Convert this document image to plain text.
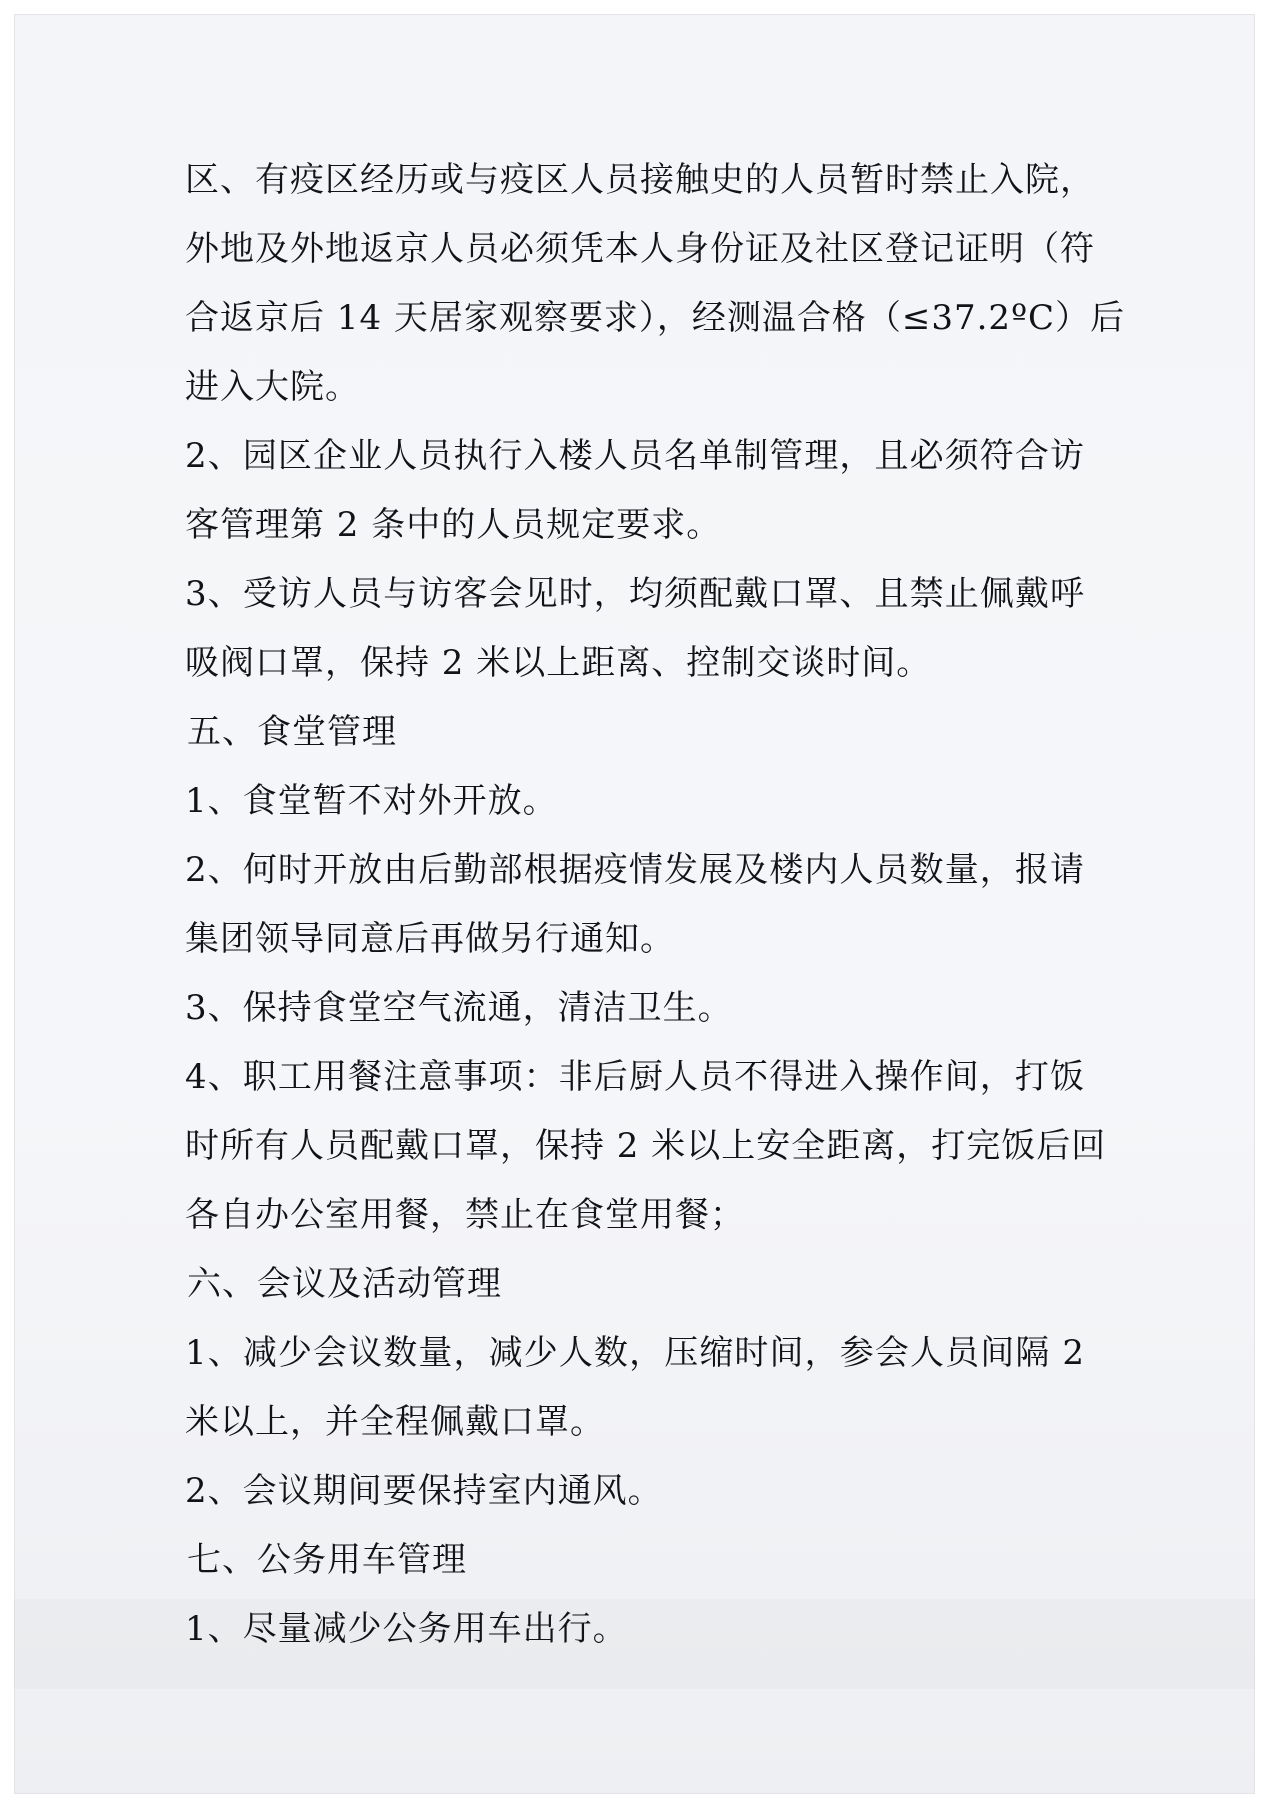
区、有疫区经历或与疫区人员接触史的人员暂时禁止入院，
外地及外地返京人员必须凭本人身份证及社区登记证明（符
合返京后 14 天居家观察要求），经测温合格（≤37.2ºC）后
进入大院。
2、园区企业人员执行入楼人员名单制管理，且必须符合访
客管理第 2 条中的人员规定要求。
3、受访人员与访客会见时，均须配戴口罩、且禁止佩戴呼
吸阀口罩，保持 2 米以上距离、控制交谈时间。
五、食堂管理
1、食堂暂不对外开放。
2、何时开放由后勤部根据疫情发展及楼内人员数量，报请
集团领导同意后再做另行通知。
3、保持食堂空气流通，清洁卫生。
4、职工用餐注意事项：非后厨人员不得进入操作间，打饭
时所有人员配戴口罩，保持 2 米以上安全距离，打完饭后回
各自办公室用餐，禁止在食堂用餐；
六、会议及活动管理
1、减少会议数量，减少人数，压缩时间，参会人员间隔 2
米以上，并全程佩戴口罩。
2、会议期间要保持室内通风。
七、公务用车管理
1、尽量减少公务用车出行。
